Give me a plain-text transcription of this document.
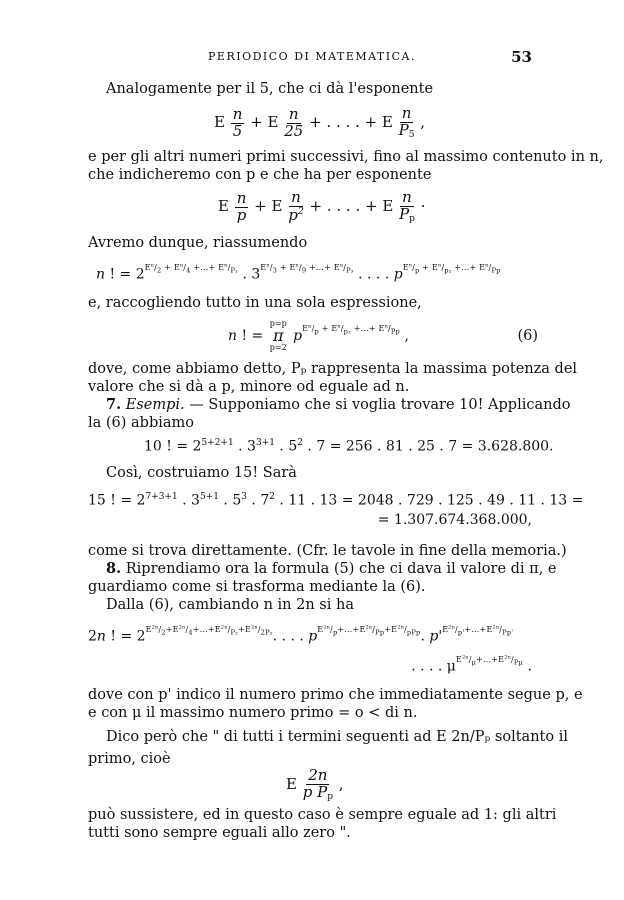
PERIODICO DI MATEMATICA.	53
Analogamente per il 5, che ci dà l'esponente
E $\frac{n}{5} + E \frac{n}{25}$ + . . . . + E $\frac{n}{P_5}$ ,
e per gli altri numeri primi successivi, fino al massimo contenuto in n,
che indicheremo con p e che ha per esponente
E $\frac{n}{p} + E \frac{n}{p^2}$ + . . . . + E $\frac{n}{P_p}$ ·
Avremo dunque, riassumendo
n ! = $2^{E^n/_2 + E^n/_4 +...+ E^n/_{P_2}}$ . $3^{E^n/_3 + E^n/_9 +...+ E^n/_{P_3}}$ . . . . $p^{E^n/_p + E^n/_{p_2} +...+ E^n/_{Pp}}$
e, raccogliendo tutto in una sola espressione,
n ! =
p=p
π
p=2
$p^{E^n/_p + E^n/_{p_2} +...+ E^n/_{Pp}}$ ,	(6)
dove, come abbiamo detto, Pₚ rappresenta la massima potenza del
valore che si dà a p, minore od eguale ad n.
7. Esempi. — Supponiamo che si voglia trovare 10! Applicando
la (6) abbiamo
10 ! = $2^{5+2+1}$ . $3^{3+1}$ . $5^2$ . 7 = 256 . 81 . 25 . 7 = 3.628.800.
Così, costruiamo 15! Sarà
15 ! = $2^{7+3+1}$ . $3^{5+1}$ . $5^3$ . $7^2$ . 11 . 13 = 2048 . 729 . 125 . 49 . 11 . 13 =
= 1.307.674.368.000,
come si trova direttamente. (Cfr. le tavole in fine della memoria.)
8. Riprendiamo ora la formula (5) che ci dava il valore di π, e
guardiamo come si trasforma mediante la (6).
Dalla (6), cambiando n in 2n si ha
2n ! = $2^{E^{2n}/_2+E^{2n}/_4+...+E^{2n}/_{P_2}+E^{2n}/_{2P_2}}$. . . . $p^{E^{2n}/_p+...+E^{2n}/_{Pp}+E^{2n}/_{pPp}}$. $p'^{E^{2n}/_{p'}+...+E^{2n}/_{Pp'}}$
. . . . $\mu^{E^{2n}/_\mu+...+E^{2n}/_{P\mu}}$ .
dove con p' indico il numero primo che immediatamente segue p, e
e con μ il massimo numero primo = o < di n.
Dico però che " di tutti i termini seguenti ad E 2n/Pₚ soltanto il
primo, cioè
E $\frac{2n}{p P_p}$ ,
può sussistere, ed in questo caso è sempre eguale ad 1: gli altri
tutti sono sempre eguali allo zero ".
